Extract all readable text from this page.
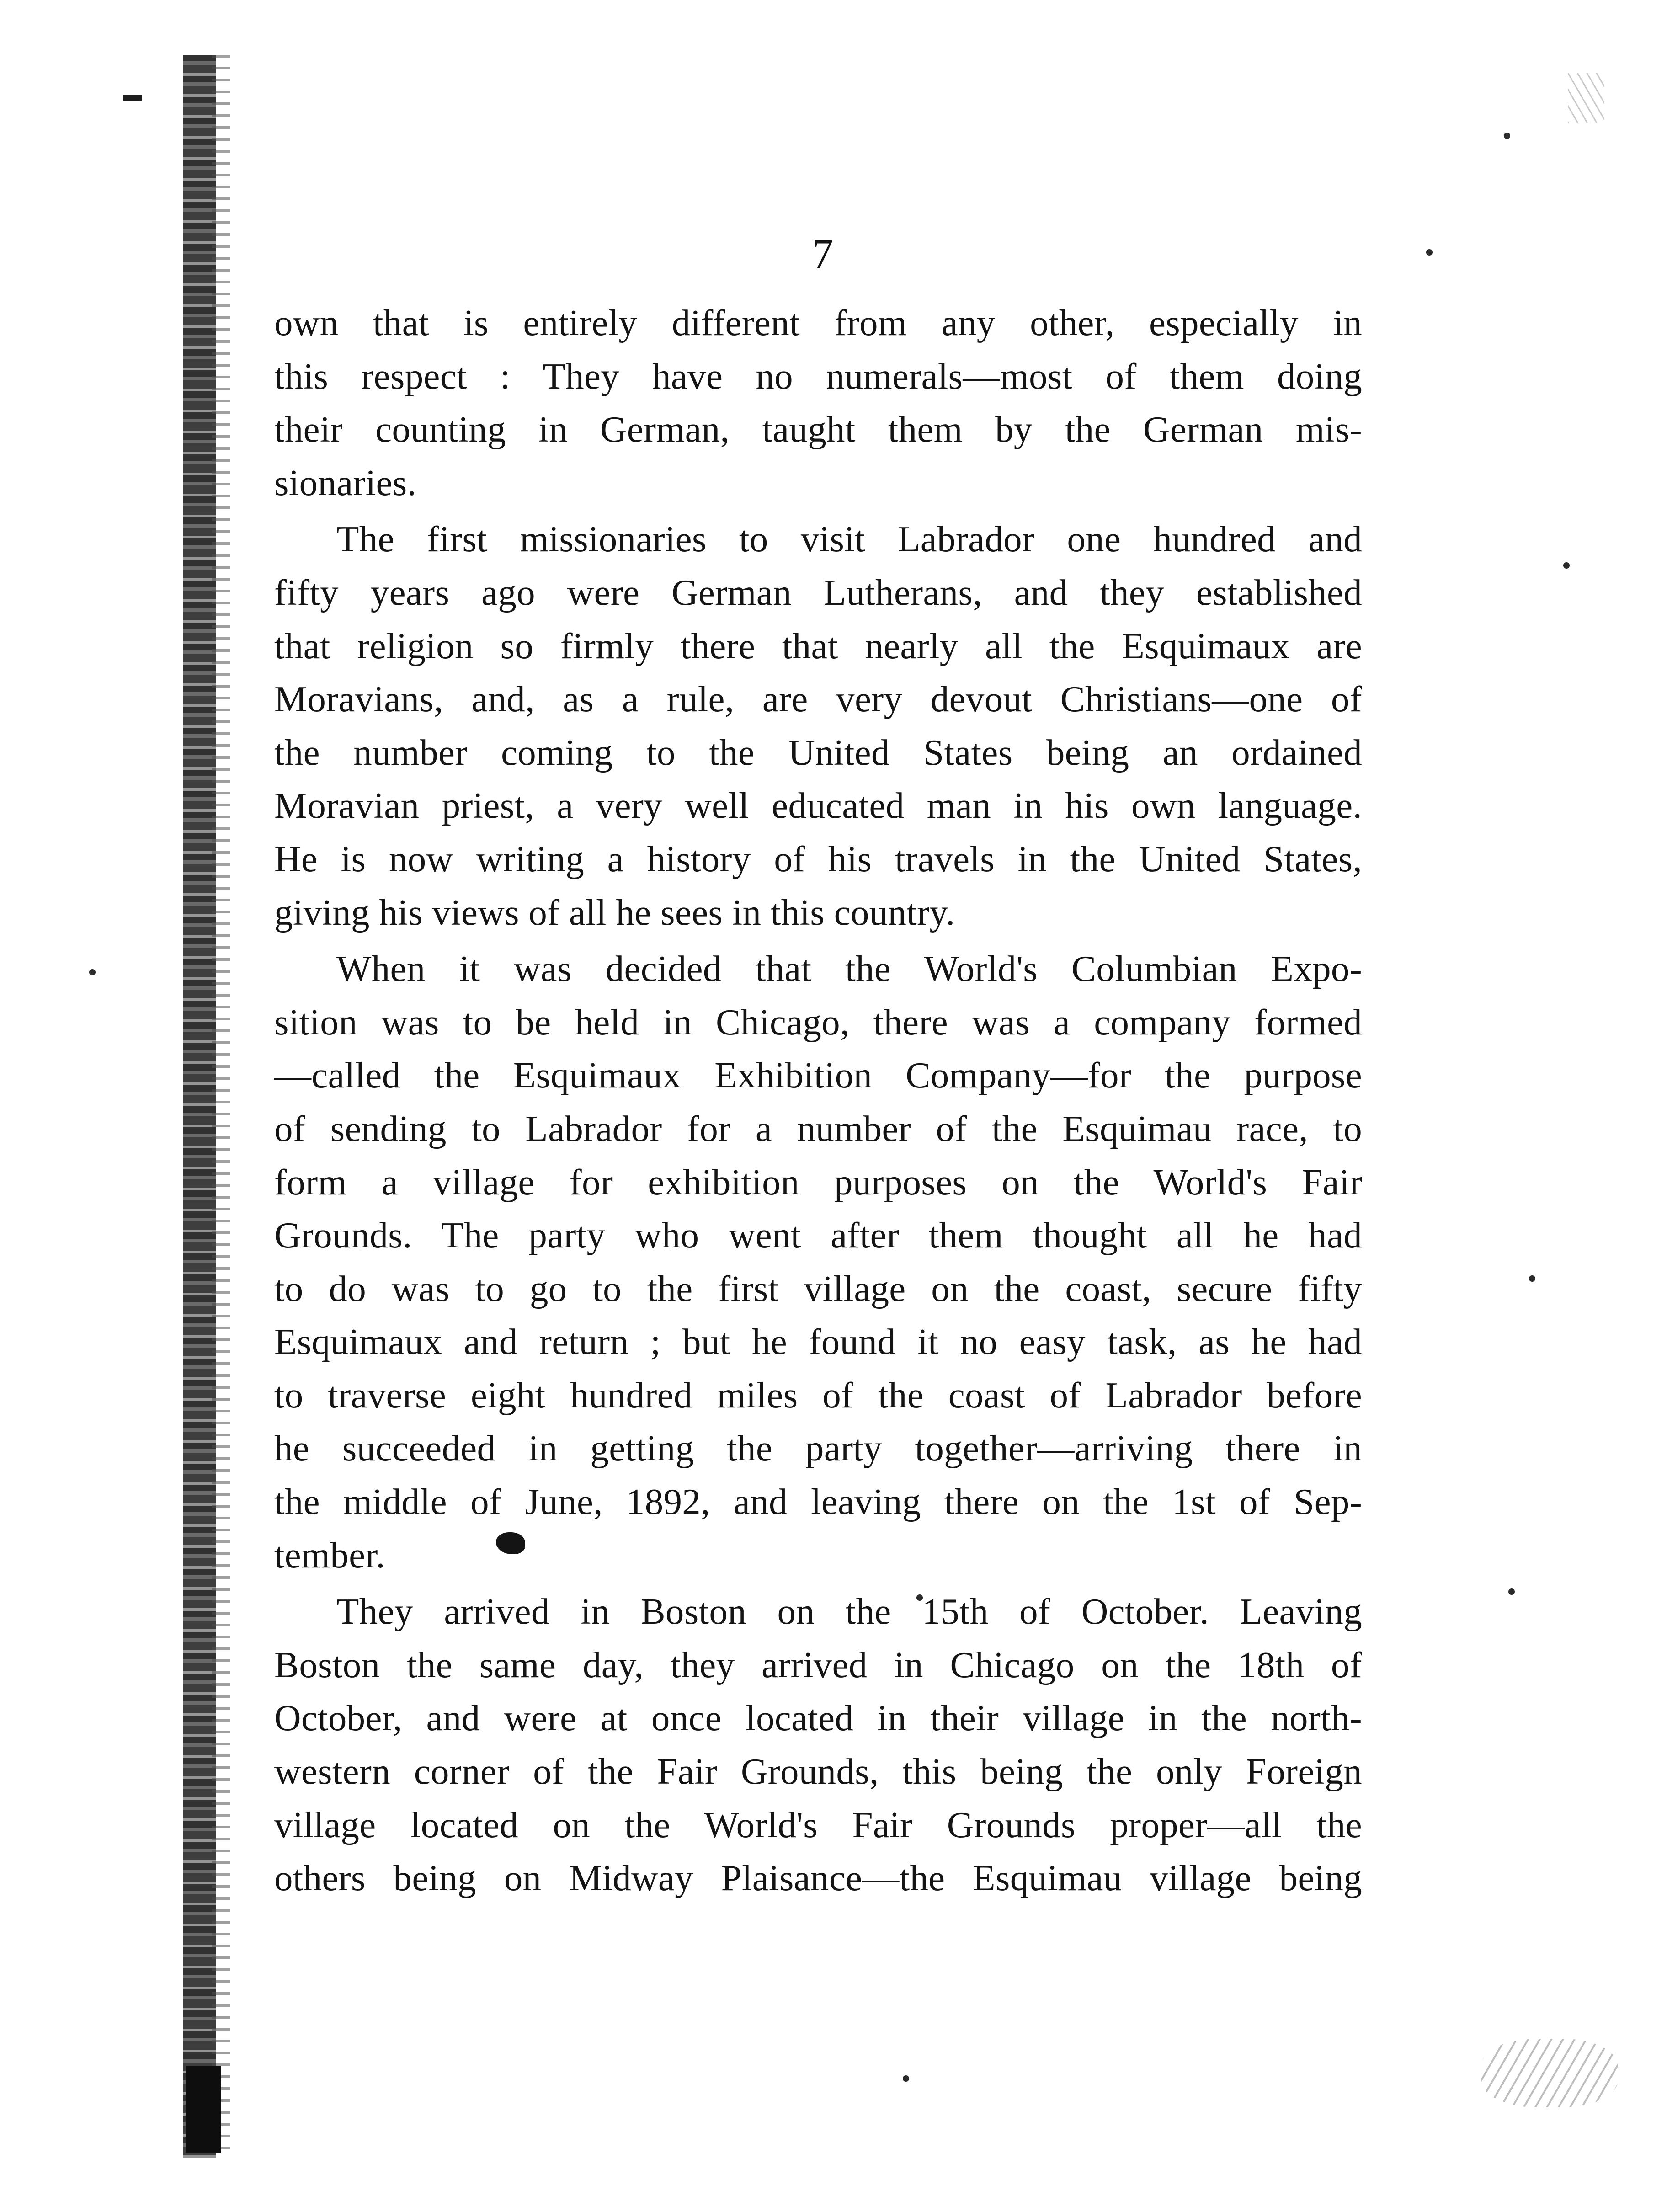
7
own that is entirely different from any other, especially in
this respect : They have no numerals—most of them doing
their counting in German, taught them by the German mis-
sionaries.
The first missionaries to visit Labrador one hundred and
fifty years ago were German Lutherans, and they established
that religion so firmly there that nearly all the Esquimaux are
Moravians, and, as a rule, are very devout Christians—one of
the number coming to the United States being an ordained
Moravian priest, a very well educated man in his own language.
He is now writing a history of his travels in the United States,
giving his views of all he sees in this country.
When it was decided that the World's Columbian Expo-
sition was to be held in Chicago, there was a company formed
—called the Esquimaux Exhibition Company—for the purpose
of sending to Labrador for a number of the Esquimau race, to
form a village for exhibition purposes on the World's Fair
Grounds. The party who went after them thought all he had
to do was to go to the first village on the coast, secure fifty
Esquimaux and return ; but he found it no easy task, as he had
to traverse eight hundred miles of the coast of Labrador before
he succeeded in getting the party together—arriving there in
the middle of June, 1892, and leaving there on the 1st of Sep-
tember.
They arrived in Boston on the 15th of October. Leaving
Boston the same day, they arrived in Chicago on the 18th of
October, and were at once located in their village in the north-
western corner of the Fair Grounds, this being the only Foreign
village located on the World's Fair Grounds proper—all the
others being on Midway Plaisance—the Esquimau village being
